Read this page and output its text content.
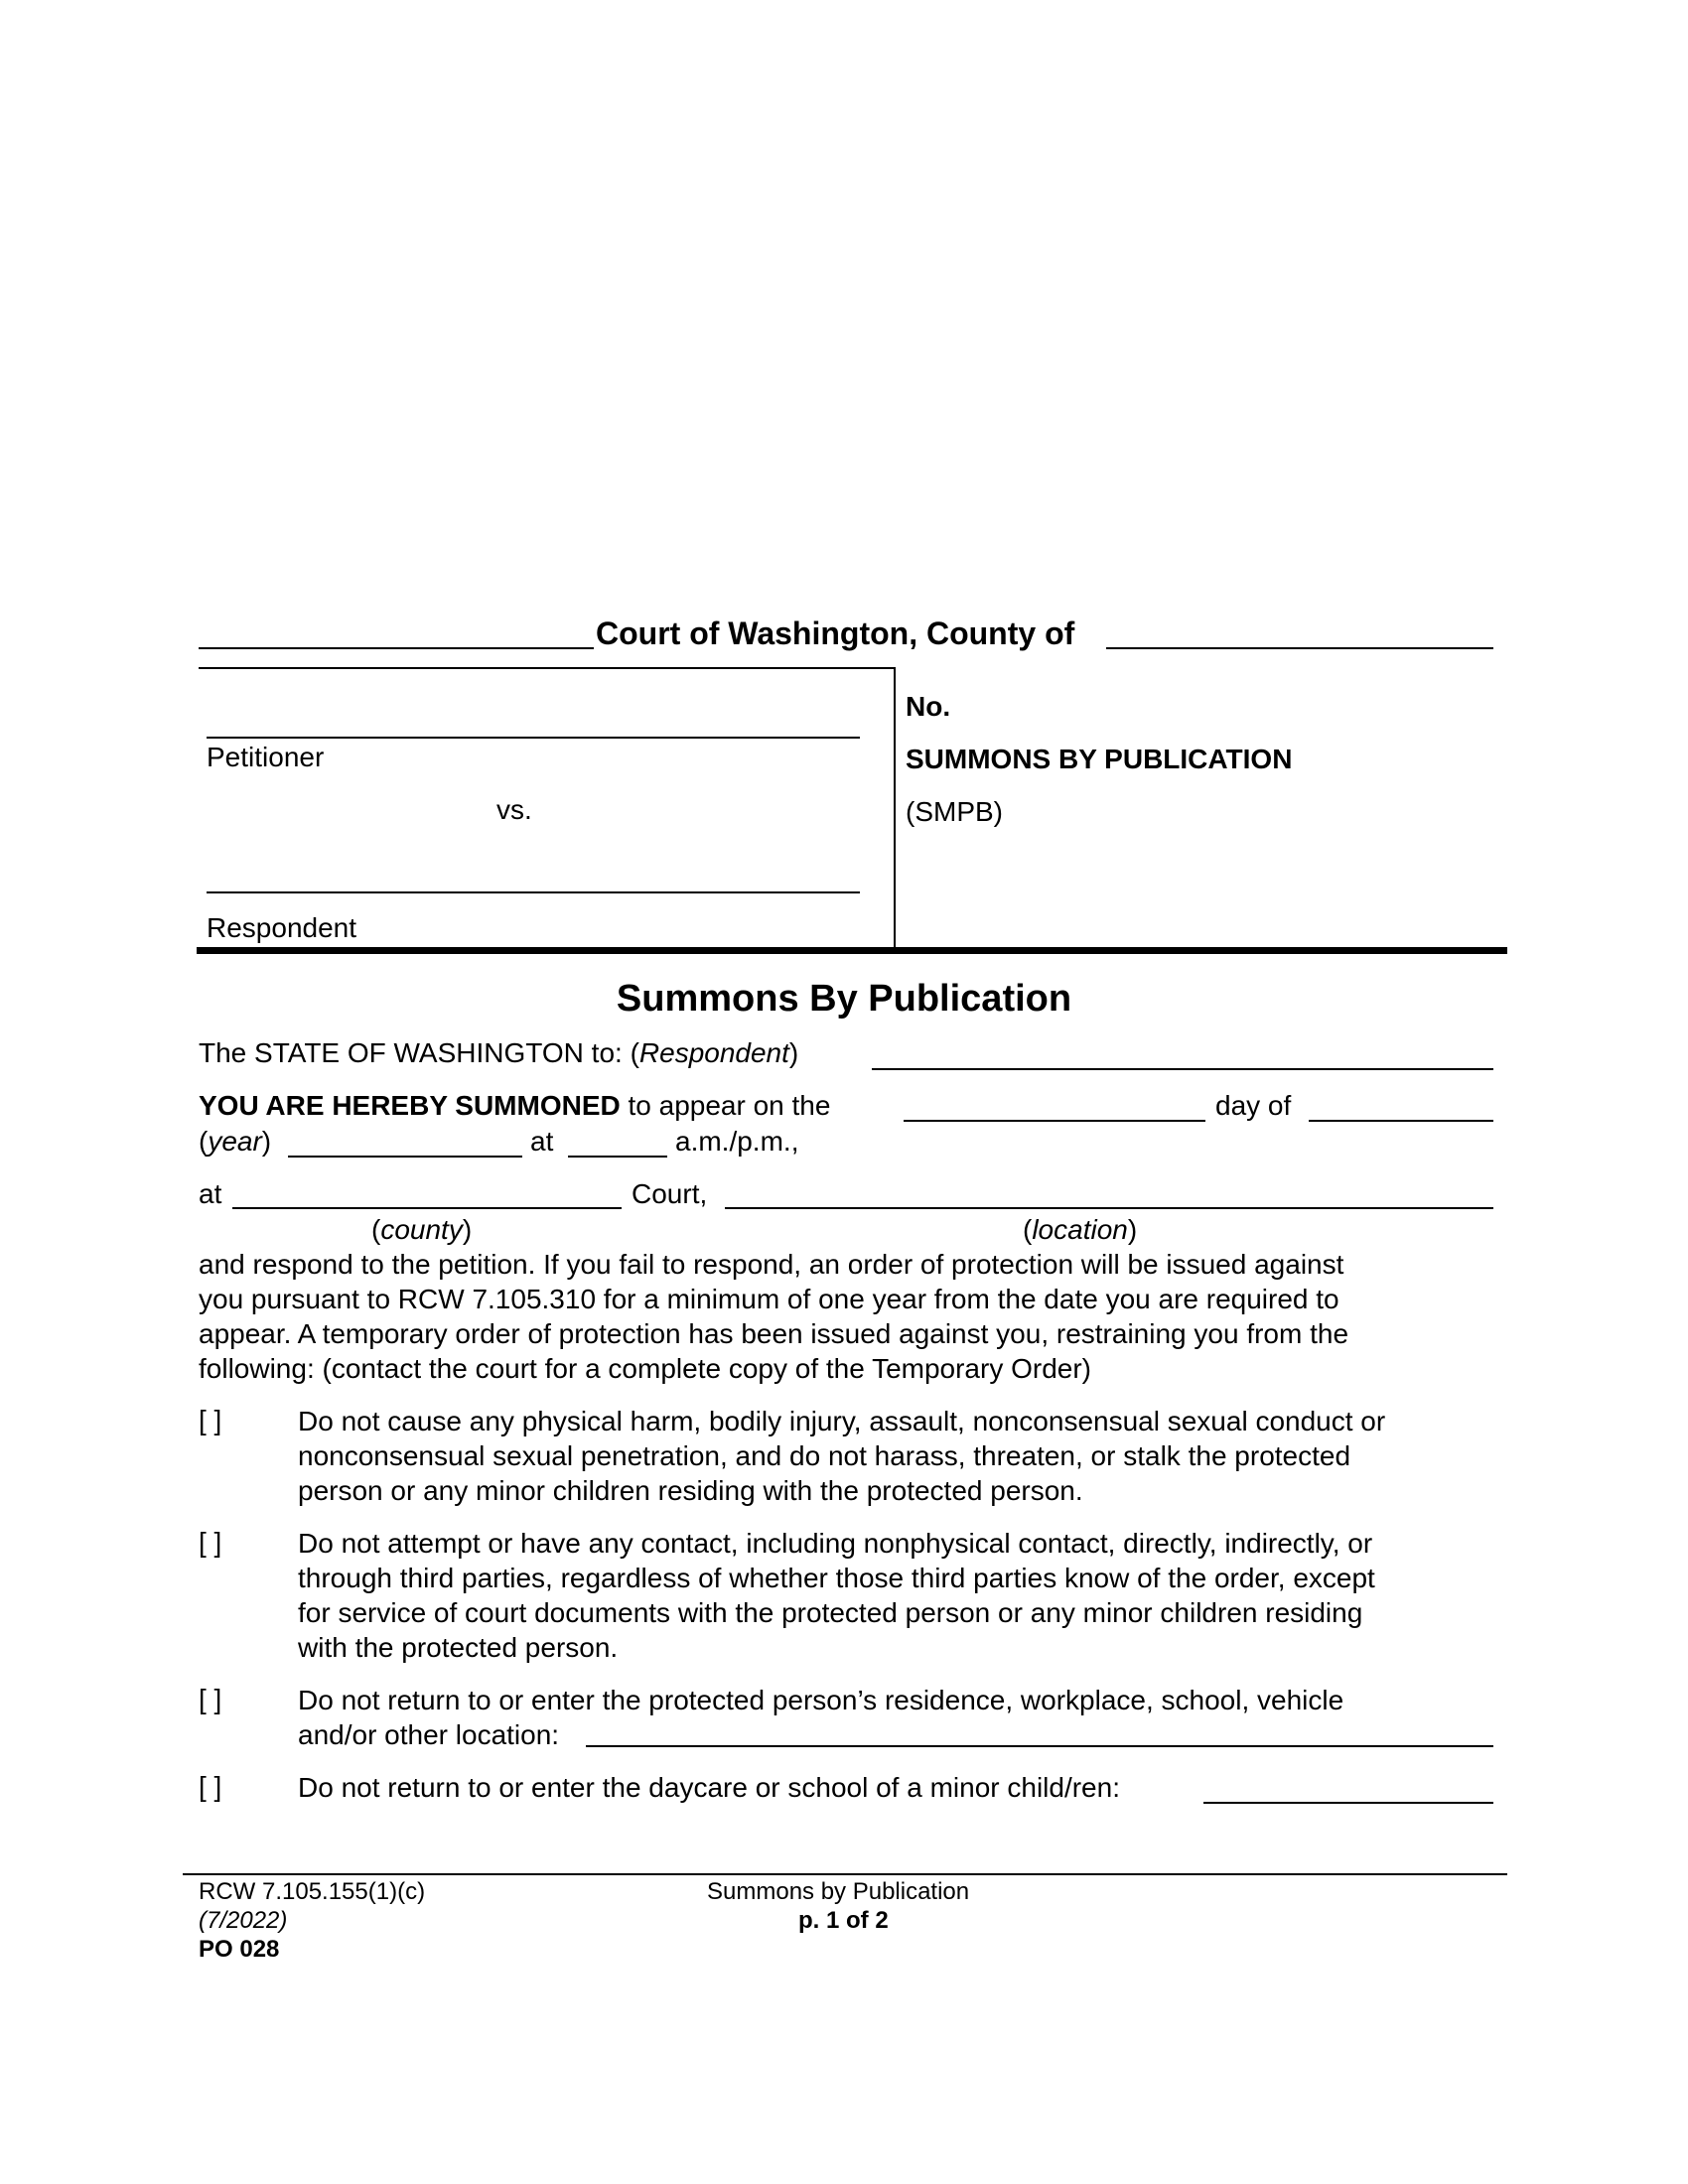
Court of Washington, County of
Petitioner
vs.
Respondent
No.
SUMMONS BY PUBLICATION
(SMPB)
Summons By Publication
The STATE OF WASHINGTON to: (Respondent)
YOU ARE HEREBY SUMMONED to appear on the	day of
(year)	at	a.m./p.m.,
at	Court,
(county)	(location)
and respond to the petition. If you fail to respond, an order of protection will be issued against
you pursuant to RCW 7.105.310 for a minimum of one year from the date you are required to
appear. A temporary order of protection has been issued against you, restraining you from the
following: (contact the court for a complete copy of the Temporary Order)
[ ]	Do not cause any physical harm, bodily injury, assault, nonconsensual sexual conduct or
nonconsensual sexual penetration, and do not harass, threaten, or stalk the protected
person or any minor children residing with the protected person.
[ ]	Do not attempt or have any contact, including nonphysical contact, directly, indirectly, or
through third parties, regardless of whether those third parties know of the order, except
for service of court documents with the protected person or any minor children residing
with the protected person.
[ ]	Do not return to or enter the protected person’s residence, workplace, school, vehicle
and/or other location:
[ ]	Do not return to or enter the daycare or school of a minor child/ren:
RCW 7.105.155(1)(c)
(7/2022)
PO 028
Summons by Publication
p. 1 of 2
